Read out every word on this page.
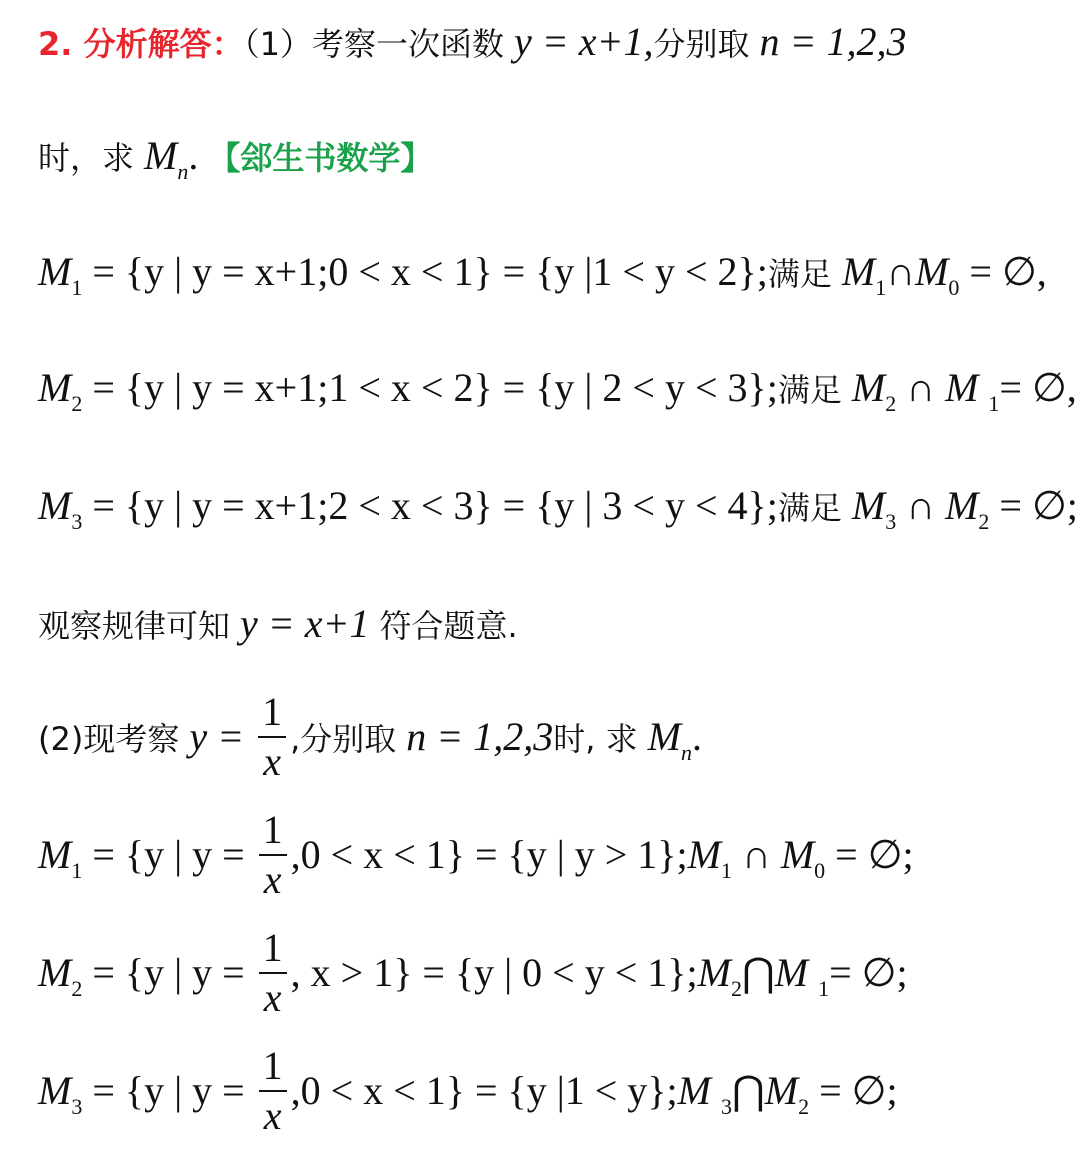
2. 分析解答：（1）考察一次函数 y = x+1,分别取 n = 1,2,3
时，求 $M_n$. 【郐生书数学】
$M_1 = \{y$ | y = x+1;0 < x < 1} = {y |1 < y < 2};满足 $M_1\cap M_0$ = ∅,
$M_2 = \{y$ | y = x+1;1 < x < 2} = {y | 2 < y < 3};满足 $M_2$ ∩ M $_1$= ∅,
$M_3 = \{y$ | y = x+1;2 < x < 3} = {y | 3 < y < 4};满足 $M_3$ ∩ $M_2$ = ∅;
观察规律可知 y = x+1 符合题意.
(2)现考察 $y = \frac{1}{x}$ ,分别取 n = 1,2,3时, 求 $M_n$.
$M_1 = \{y$ | $y = \frac{1}{x} ,0 < x < 1\} = \{y$ | $y > 1\};M_1$ ∩ $M_0$ = ∅;
$M_2 = \{y$ | $y = \frac{1}{x}$ , x > 1} = {y | $0 < y < 1\};M_2⋂M$ $_1$= ∅;
$M_3 = \{y$ | $y = \frac{1}{x} ,0 < x < 1\} = \{y$ |1 < y};M $_3⋂M_2$ = ∅;
